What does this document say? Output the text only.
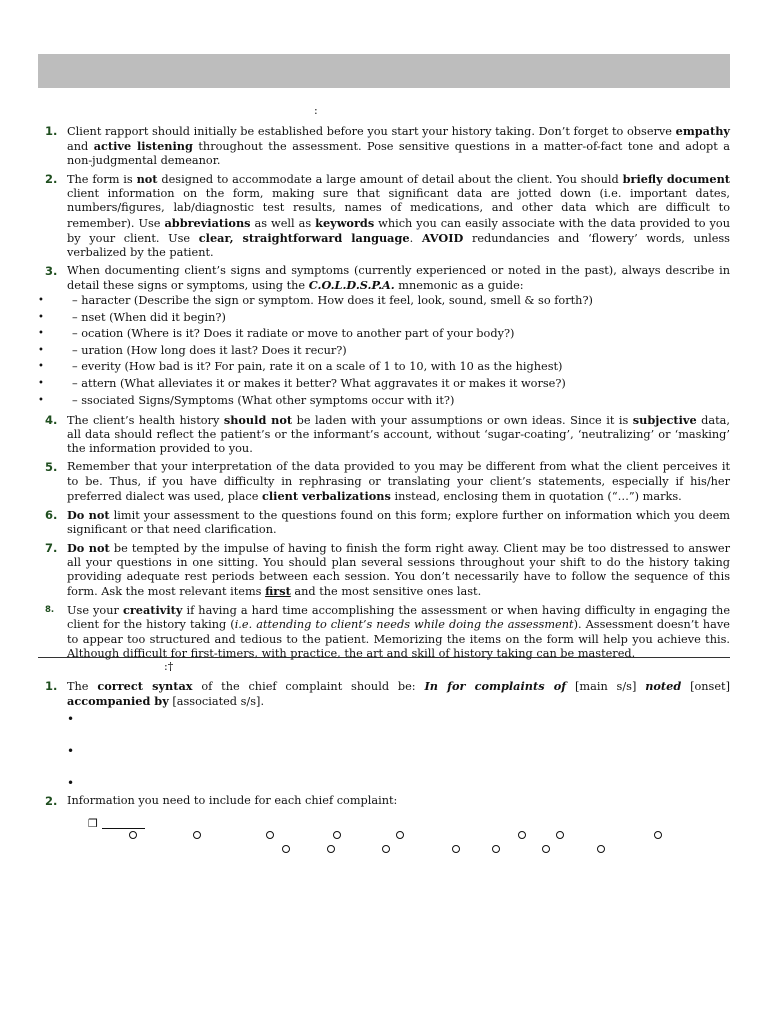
:
1. Client rapport should initially be established before you start your history taking. Don’t forget to observe empathy and active listening throughout the assessment. Pose sensitive questions in a matter-of-fact tone and adopt a non-judgmental demeanor.
2. The form is not designed to accommodate a large amount of detail about the client. You should briefly document client information on the form, making sure that significant data are jotted down (i.e. important dates, numbers/figures, lab/diagnostic test results, names of medications, and other data which are difficult to remember). Use abbreviations as well as keywords which you can easily associate with the data provided to you by your client. Use clear, straightforward language. AVOID redundancies and ‘flowery’ words, unless verbalized by the patient.
3. When documenting client’s signs and symptoms (currently experienced or noted in the past), always describe in detail these signs or symptoms, using the C.O.L.D.S.P.A. mnemonic as a guide:
• – haracter (Describe the sign or symptom. How does it feel, look, sound, smell & so forth?)
• – nset (When did it begin?)
• – ocation (Where is it? Does it radiate or move to another part of your body?)
• – uration (How long does it last? Does it recur?)
• – everity (How bad is it? For pain, rate it on a scale of 1 to 10, with 10 as the highest)
• – attern (What alleviates it or makes it better? What aggravates it or makes it worse?)
• – ssociated Signs/Symptoms (What other symptoms occur with it?)
4. The client’s health history should not be laden with your assumptions or own ideas. Since it is subjective data, all data should reflect the patient’s or the informant’s account, without ‘sugar-coating’, ‘neutralizing’ or ‘masking’ the information provided to you.
5. Remember that your interpretation of the data provided to you may be different from what the client perceives it to be. Thus, if you have difficulty in rephrasing or translating your client’s statements, especially if his/her preferred dialect was used, place client verbalizations instead, enclosing them in quotation (“…”) marks.
6. Do not limit your assessment to the questions found on this form; explore further on information which you deem significant or that need clarification.
7. Do not be tempted by the impulse of having to finish the form right away. Client may be too distressed to answer all your questions in one sitting. You should plan several sessions throughout your shift to do the history taking providing adequate rest periods between each session. You don’t necessarily have to follow the sequence of this form. Ask the most relevant items first and the most sensitive ones last.
8. Use your creativity if having a hard time accomplishing the assessment or when having difficulty in engaging the client for the history taking (i.e. attending to client’s needs while doing the assessment). Assessment doesn’t have to appear too structured and tedious to the patient. Memorizing the items on the form will help you achieve this. Although difficult for first-timers, with practice, the art and skill of history taking can be mastered.
:†
1. The correct syntax of the chief complaint should be: In for complaints of [main s/s] noted [onset] accompanied by [associated s/s].
•
•
•
2. Information you need to include for each chief complaint:
❒
